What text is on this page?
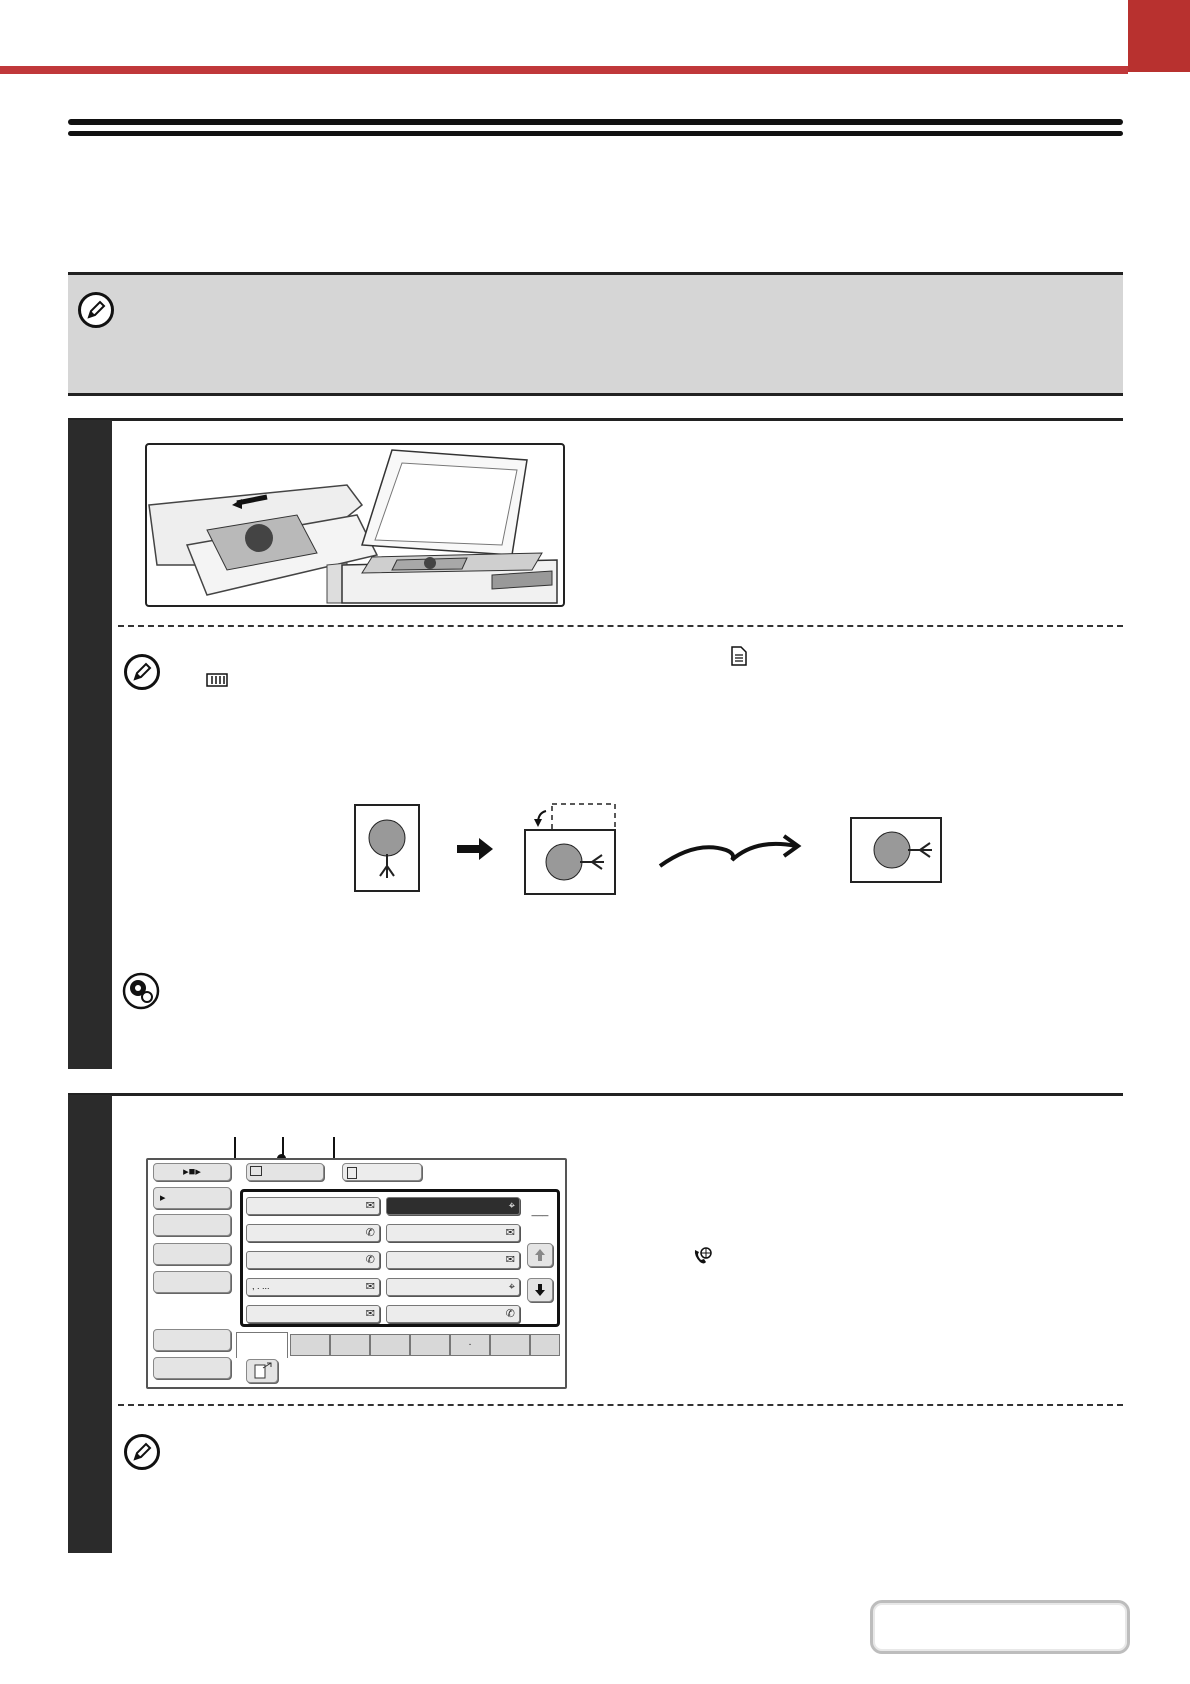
▸■▸
▸
✉	⌖
✆	✉
✆	✉
, . ...	✉	⌖
✉	✆
___
.
